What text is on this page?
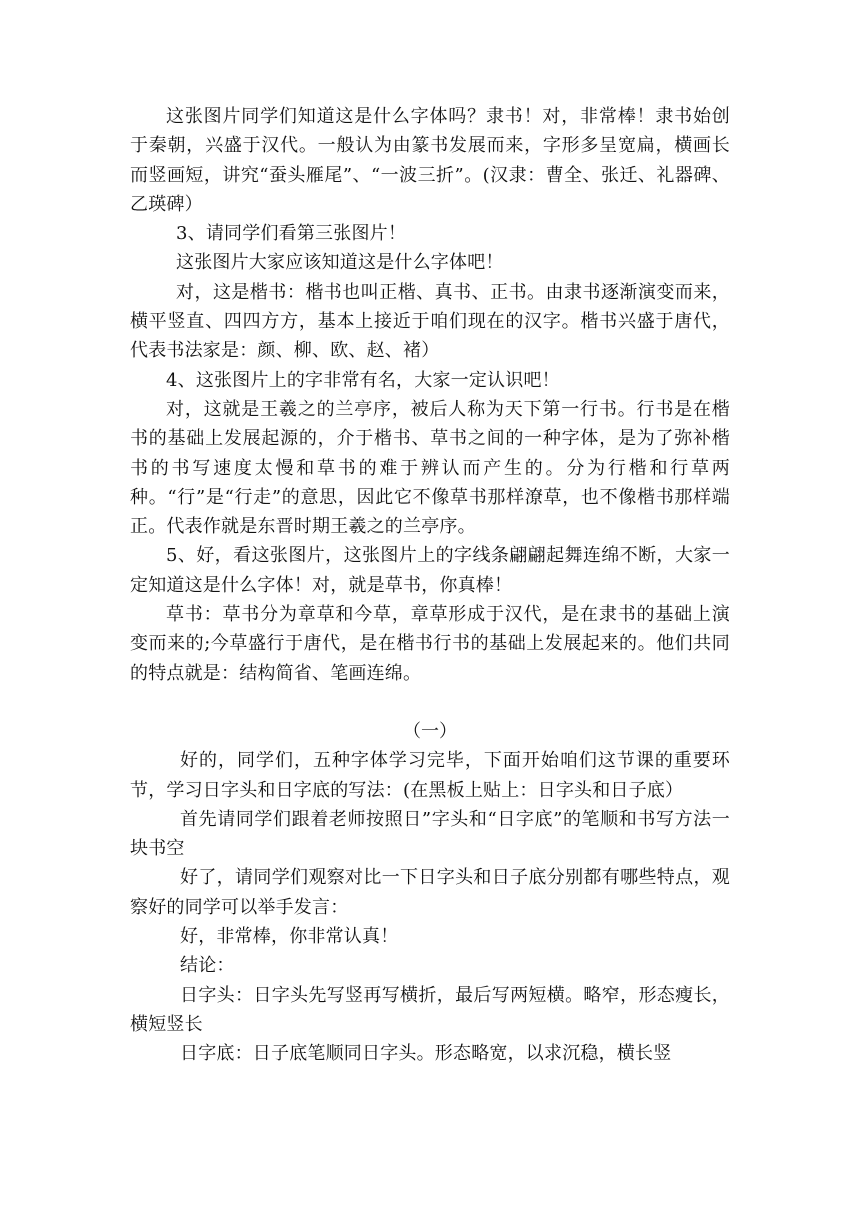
这张图片同学们知道这是什么字体吗？隶书！对，非常棒！隶书始创于秦朝，兴盛于汉代。一般认为由篆书发展而来，字形多呈宽扁，横画长而竖画短，讲究“蚕头雁尾”、“一波三折”。(汉隶：曹全、张迁、礼器碑、乙瑛碑）

3、请同学们看第三张图片！

这张图片大家应该知道这是什么字体吧！

对，这是楷书：楷书也叫正楷、真书、正书。由隶书逐渐演变而来，横平竖直、四四方方，基本上接近于咱们现在的汉字。楷书兴盛于唐代，代表书法家是：颜、柳、欧、赵、褚）

4、这张图片上的字非常有名，大家一定认识吧！

对，这就是王羲之的兰亭序，被后人称为天下第一行书。行书是在楷书的基础上发展起源的，介于楷书、草书之间的一种字体，是为了弥补楷书的书写速度太慢和草书的难于辨认而产生的。分为行楷和行草两种。“行”是“行走”的意思，因此它不像草书那样潦草，也不像楷书那样端正。代表作就是东晋时期王羲之的兰亭序。

5、好，看这张图片，这张图片上的字线条翩翩起舞连绵不断，大家一定知道这是什么字体！对，就是草书，你真棒！

草书：草书分为章草和今草，章草形成于汉代，是在隶书的基础上演变而来的;今草盛行于唐代，是在楷书行书的基础上发展起来的。他们共同的特点就是：结构简省、笔画连绵。

（一）

好的，同学们，五种字体学习完毕，下面开始咱们这节课的重要环节，学习日字头和日字底的写法：(在黑板上贴上：日字头和日子底）

首先请同学们跟着老师按照日”字头和“日字底”的笔顺和书写方法一块书空

好了，请同学们观察对比一下日字头和日子底分别都有哪些特点，观察好的同学可以举手发言：

好，非常棒，你非常认真！

结论：

日字头：日字头先写竖再写横折，最后写两短横。略窄，形态瘦长，横短竖长

日字底：日子底笔顺同日字头。形态略宽，以求沉稳，横长竖
